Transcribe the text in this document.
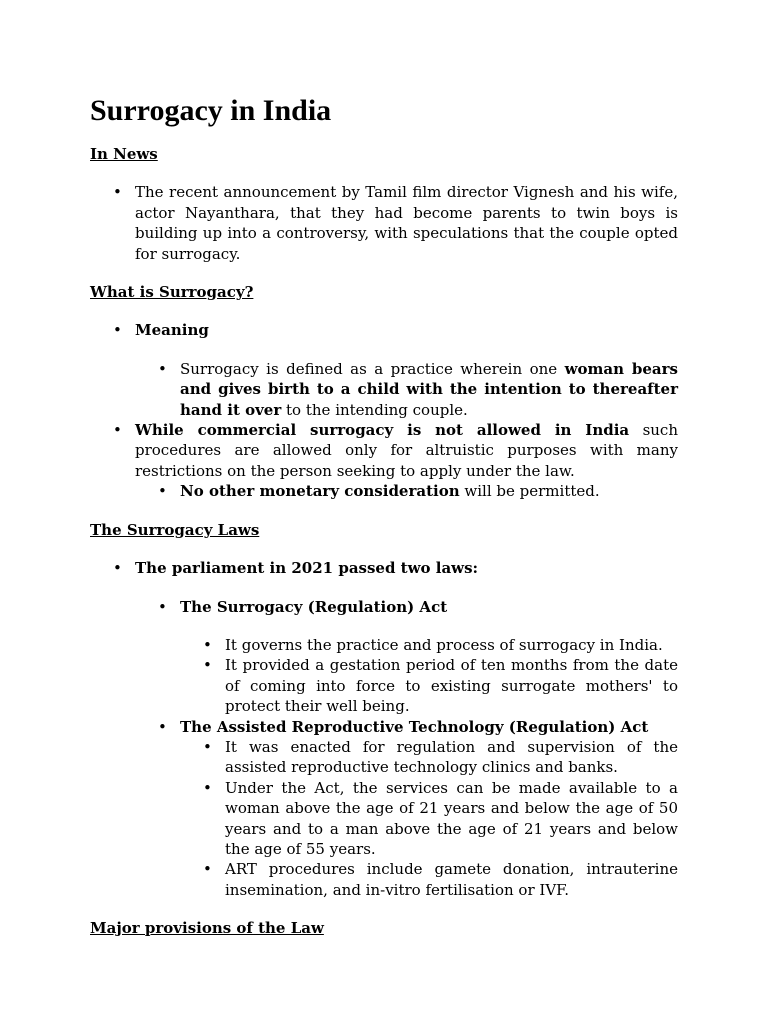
Surrogacy in India
In News
• The recent announcement by Tamil film director Vignesh and his wife, actor Nayanthara, that they had become parents to twin boys is building up into a controversy, with speculations that the couple opted for surrogacy.
What is Surrogacy?
• Meaning
• Surrogacy is defined as a practice wherein one woman bears and gives birth to a child with the intention to thereafter hand it over to the intending couple.
• While commercial surrogacy is not allowed in India such procedures are allowed only for altruistic purposes with many restrictions on the person seeking to apply under the law.
• No other monetary consideration will be permitted.
The Surrogacy Laws
• The parliament in 2021 passed two laws:
• The Surrogacy (Regulation) Act
• It governs the practice and process of surrogacy in India.
• It provided a gestation period of ten months from the date of coming into force to existing surrogate mothers' to protect their well being.
• The Assisted Reproductive Technology (Regulation) Act
• It was enacted for regulation and supervision of the assisted reproductive technology clinics and banks.
• Under the Act, the services can be made available to a woman above the age of 21 years and below the age of 50 years and to a man above the age of 21 years and below the age of 55 years.
• ART procedures include gamete donation, intrauterine insemination, and in-vitro fertilisation or IVF.
Major provisions of the Law
